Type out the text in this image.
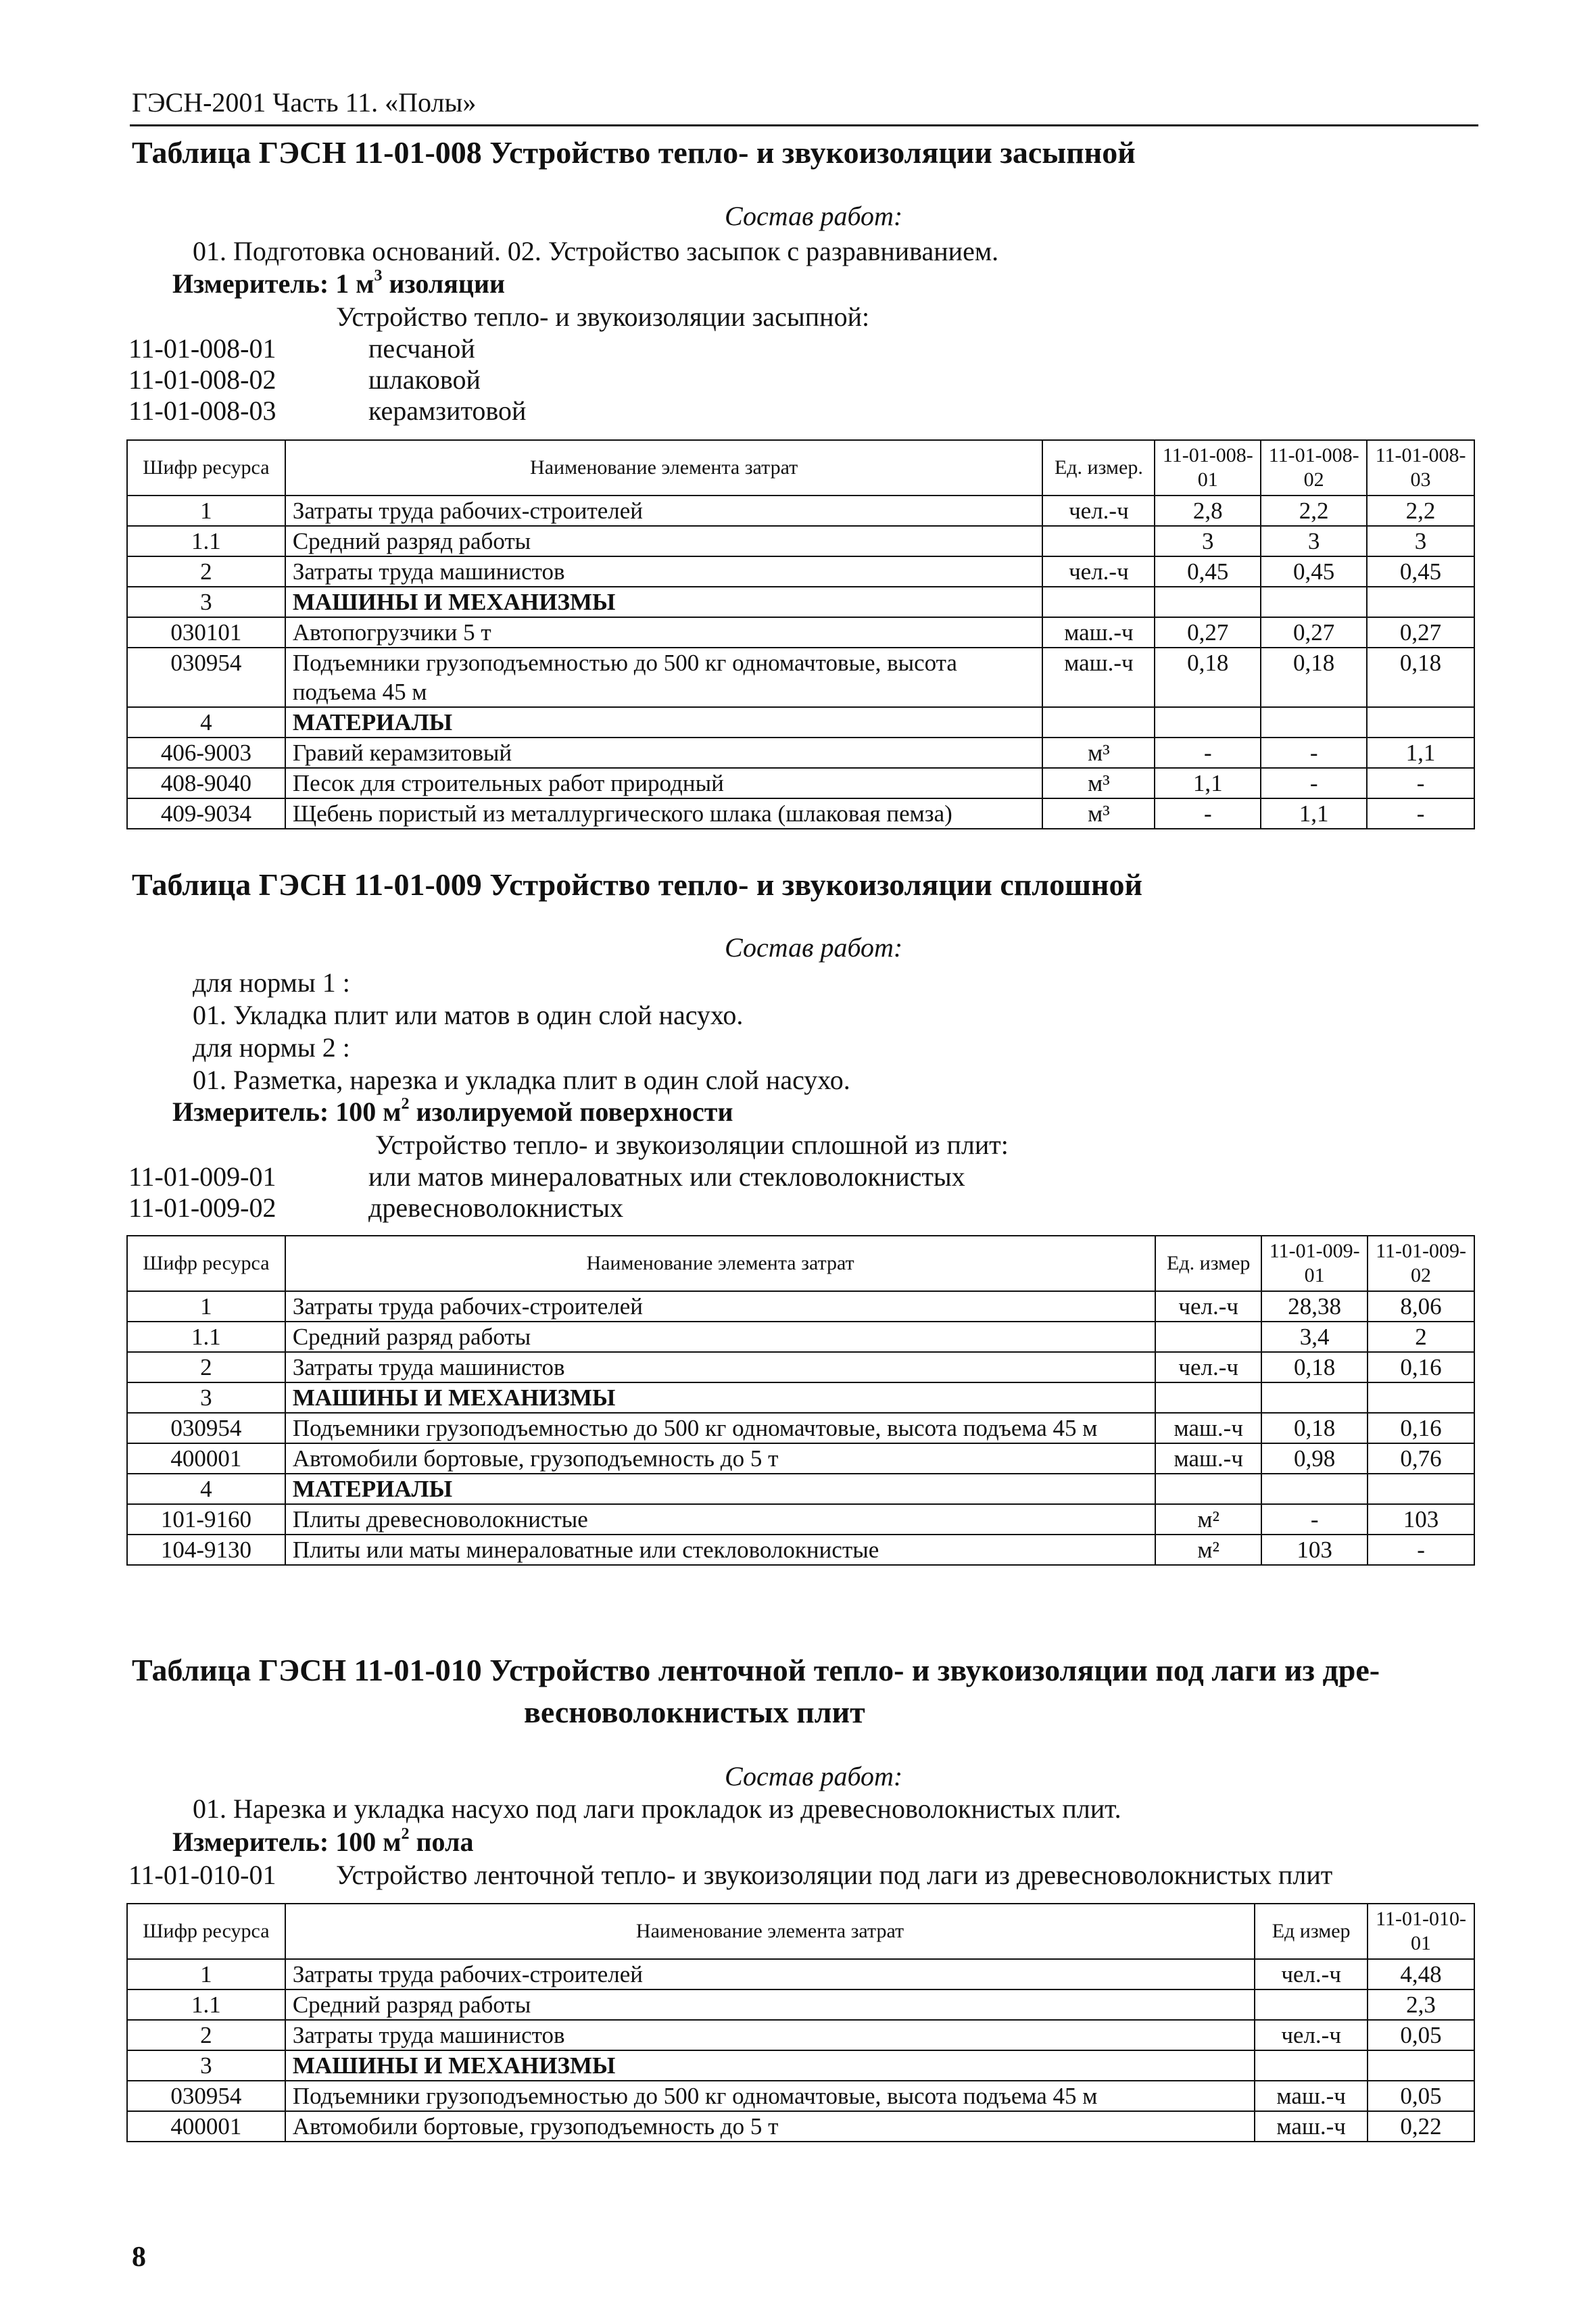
ГЭСН-2001 Часть 11. «Полы»
Таблица ГЭСН 11-01-008 Устройство тепло- и звукоизоляции засыпной
Состав работ:
01. Подготовка оснований. 02. Устройство засыпок с разравниванием.
Измеритель: 1 $м^3$ изоляции
Устройство тепло- и звукоизоляции засыпной:
11-01-008-01	песчаной
11-01-008-02	шлаковой
11-01-008-03	керамзитовой
Шифр ресурса	Наименование элемента затрат	Ед. измер.	11-01-008-01	11-01-008-02	11-01-008-03
1	Затраты труда рабочих-строителей	чел.-ч	2,8	2,2	2,2
1.1	Средний разряд работы		3	3	3
2	Затраты труда машинистов	чел.-ч	0,45	0,45	0,45
3	МАШИНЫ И МЕХАНИЗМЫ				
030101	Автопогрузчики 5 т	маш.-ч	0,27	0,27	0,27
030954	Подъемники грузоподъемностью до 500 кг одномачтовые, высота подъема 45 м	маш.-ч	0,18	0,18	0,18
4	МАТЕРИАЛЫ				
406-9003	Гравий керамзитовый	м³	-	-	1,1
408-9040	Песок для строительных работ природный	м³	1,1	-	-
409-9034	Щебень пористый из металлургического шлака (шлаковая пемза)	м³	-	1,1	-
Таблица ГЭСН 11-01-009 Устройство тепло- и звукоизоляции сплошной
Состав работ:
для нормы 1 :
01. Укладка плит или матов в один слой насухо.
для нормы 2 :
01. Разметка, нарезка и укладка плит в один слой насухо.
Измеритель: 100 $м^2$ изолируемой поверхности
Устройство тепло- и звукоизоляции сплошной из плит:
11-01-009-01	или матов минераловатных или стекловолокнистых
11-01-009-02	древесноволокнистых
Шифр ресурса	Наименование элемента затрат	Ед. измер	11-01-009-01	11-01-009-02
1	Затраты труда рабочих-строителей	чел.-ч	28,38	8,06
1.1	Средний разряд работы		3,4	2
2	Затраты труда машинистов	чел.-ч	0,18	0,16
3	МАШИНЫ И МЕХАНИЗМЫ			
030954	Подъемники грузоподъемностью до 500 кг одномачтовые, высота подъема 45 м	маш.-ч	0,18	0,16
400001	Автомобили бортовые, грузоподъемность до 5 т	маш.-ч	0,98	0,76
4	МАТЕРИАЛЫ			
101-9160	Плиты древесноволокнистые	м²	-	103
104-9130	Плиты или маты минераловатные или стекловолокнистые	м²	103	-
Таблица ГЭСН 11-01-010 Устройство ленточной тепло- и звукоизоляции под лаги из дре-
весноволокнистых плит
Состав работ:
01. Нарезка и укладка насухо под лаги прокладок из древесноволокнистых плит.
Измеритель: 100 $м^2$ пола
11-01-010-01 Устройство ленточной тепло- и звукоизоляции под лаги из древесноволокнистых плит
Шифр ресурса	Наименование элемента затрат	Ед измер	11-01-010-01
1	Затраты труда рабочих-строителей	чел.-ч	4,48
1.1	Средний разряд работы		2,3
2	Затраты труда машинистов	чел.-ч	0,05
3	МАШИНЫ И МЕХАНИЗМЫ		
030954	Подъемники грузоподъемностью до 500 кг одномачтовые, высота подъема 45 м	маш.-ч	0,05
400001	Автомобили бортовые, грузоподъемность до 5 т	маш.-ч	0,22
8
